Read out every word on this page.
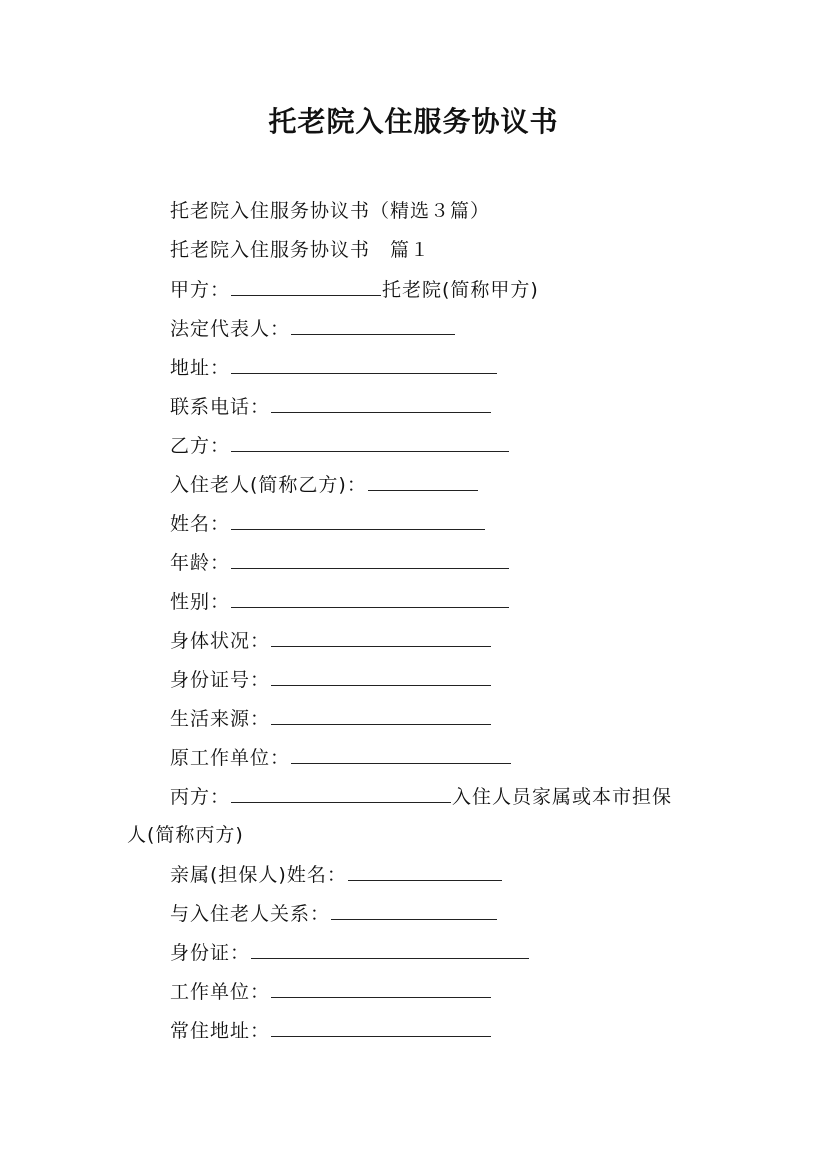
托老院入住服务协议书
托老院入住服务协议书（精选３篇）
托老院入住服务协议书　篇１
甲方：	托老院(简称甲方)
法定代表人：
地址：
联系电话：
乙方：
入住老人(简称乙方)：
姓名：
年龄：
性别：
身体状况：
身份证号：
生活来源：
原工作单位：
丙方：	入住人员家属或本市担保
人(简称丙方)
亲属(担保人)姓名：
与入住老人关系：
身份证：
工作单位：
常住地址：
